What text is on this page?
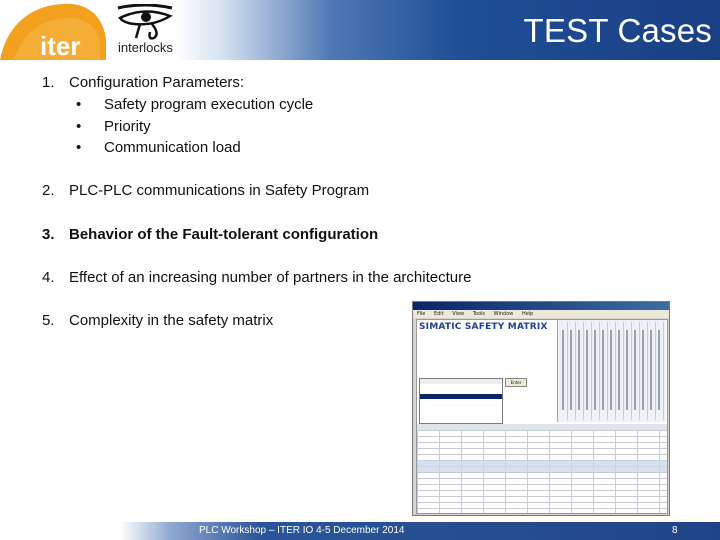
iter	interlocks	TEST Cases
1. Configuration Parameters:
• Safety program execution cycle
• Priority
• Communication load
2. PLC-PLC communications in Safety Program
3. Behavior of the Fault-tolerant configuration
4. Effect of an increasing number of partners in the architecture
5. Complexity in the safety matrix	File Edit View Tools Window Help
SIMATIC SAFETY MATRIX
Enter
PLC Workshop – ITER IO 4-5 December 2014	8
